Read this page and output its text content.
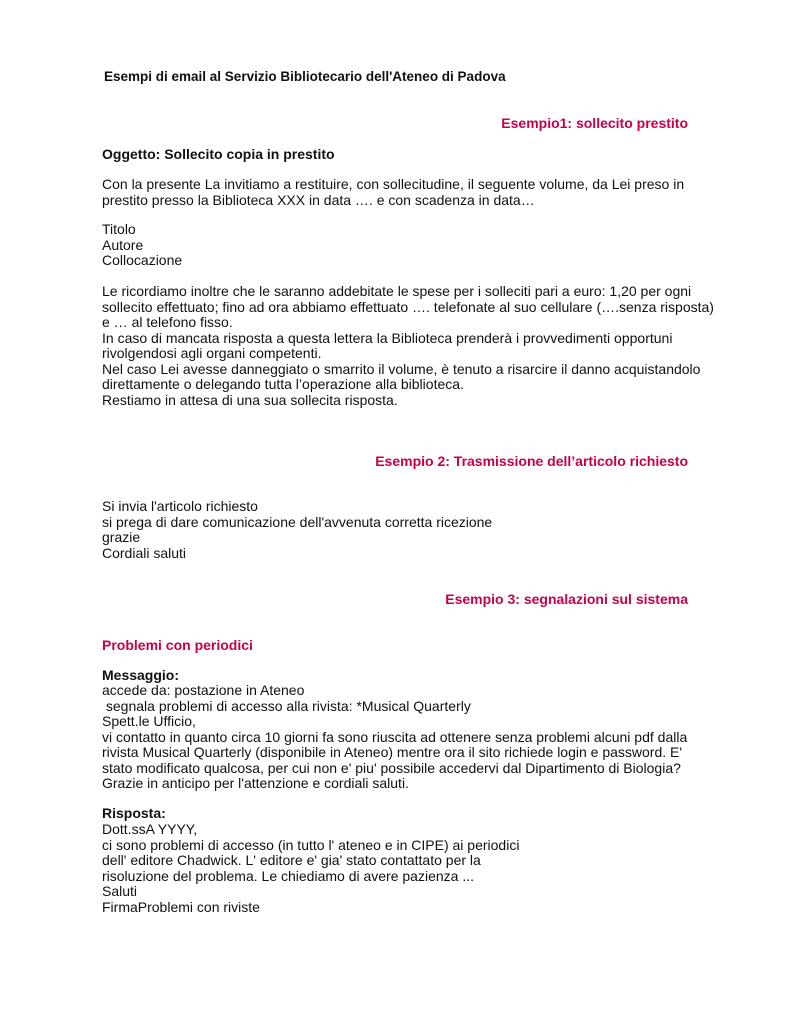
Esempi di email al Servizio Bibliotecario dell'Ateneo di Padova
Esempio1: sollecito prestito
Oggetto: Sollecito copia in prestito
Con la presente La invitiamo a restituire, con sollecitudine, il seguente volume, da Lei preso in
prestito presso la Biblioteca XXX in data …. e con scadenza in data…
Titolo
Autore
Collocazione
Le ricordiamo inoltre che le saranno addebitate le spese per i solleciti pari a euro: 1,20 per ogni
sollecito effettuato; fino ad ora abbiamo effettuato …. telefonate al suo cellulare (….senza risposta)
e … al telefono fisso.
In caso di mancata risposta a questa lettera la Biblioteca prenderà i provvedimenti opportuni
rivolgendosi agli organi competenti.
Nel caso Lei avesse danneggiato o smarrito il volume, è tenuto a risarcire il danno acquistandolo
direttamente o delegando tutta l’operazione alla biblioteca.
Restiamo in attesa di una sua sollecita risposta.
Esempio 2: Trasmissione dell’articolo richiesto
Si invia l'articolo richiesto
si prega di dare comunicazione dell'avvenuta corretta ricezione
grazie
Cordiali saluti
Esempio 3: segnalazioni sul sistema
Problemi con periodici
Messaggio:
accede da: postazione in Ateneo
segnala problemi di accesso alla rivista: *Musical Quarterly
Spett.le Ufficio,
vi contatto in quanto circa 10 giorni fa sono riuscita ad ottenere senza problemi alcuni pdf dalla
rivista Musical Quarterly (disponibile in Ateneo) mentre ora il sito richiede login e password. E'
stato modificato qualcosa, per cui non e' piu' possibile accedervi dal Dipartimento di Biologia?
Grazie in anticipo per l'attenzione e cordiali saluti.
Risposta:
Dott.ssA YYYY,
ci sono problemi di accesso (in tutto l' ateneo e in CIPE) ai periodici
dell' editore Chadwick. L' editore e' gia' stato contattato per la
risoluzione del problema. Le chiediamo di avere pazienza ...
Saluti
FirmaProblemi con riviste
